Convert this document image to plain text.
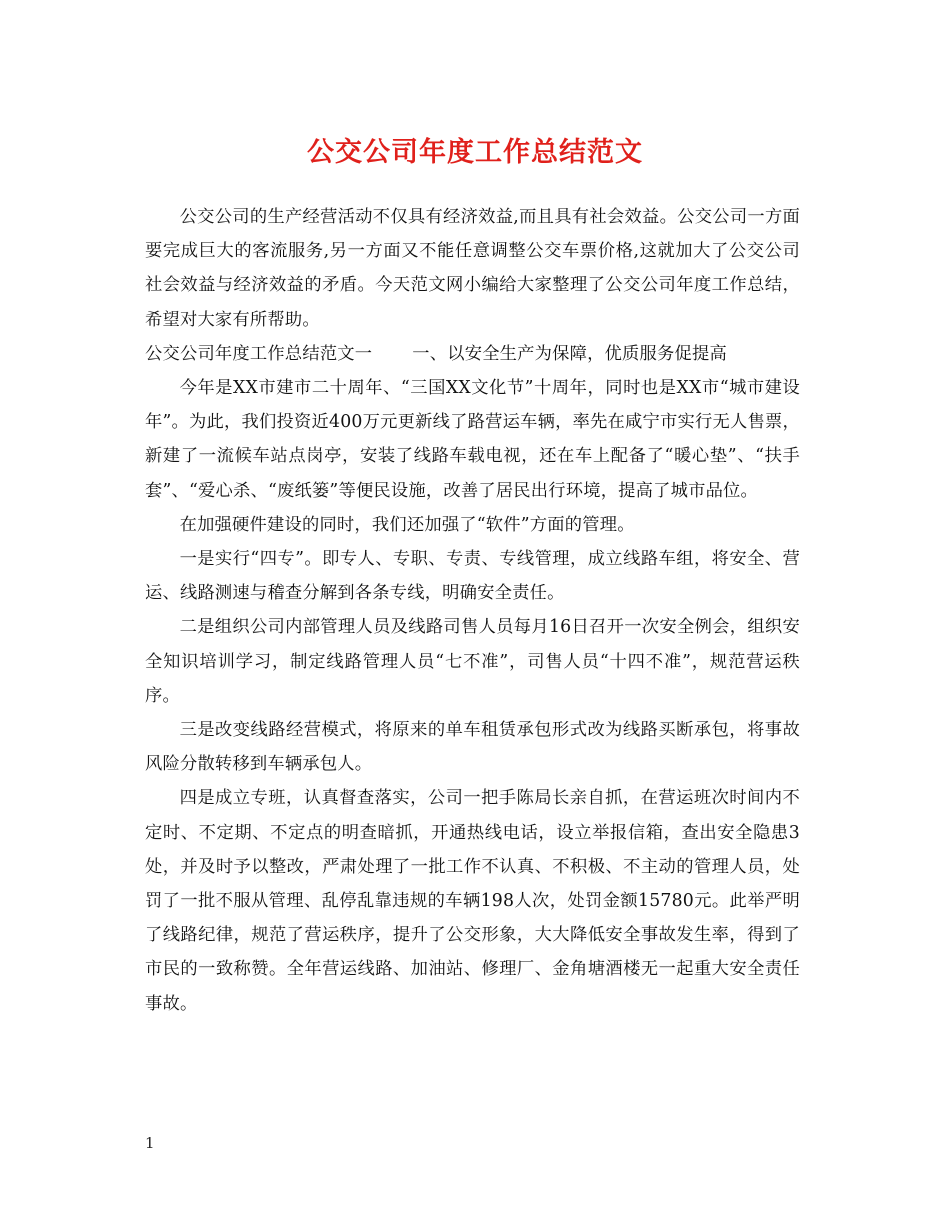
公交公司年度工作总结范文

公交公司的生产经营活动不仅具有经济效益,而且具有社会效益。公交公司一方面要完成巨大的客流服务,另一方面又不能任意调整公交车票价格,这就加大了公交公司社会效益与经济效益的矛盾。今天范文网小编给大家整理了公交公司年度工作总结，希望对大家有所帮助。

公交公司年度工作总结范文一 一、以安全生产为保障，优质服务促提高

今年是XX市建市二十周年、“三国XX文化节”十周年，同时也是XX市“城市建设年”。为此，我们投资近400万元更新线了路营运车辆，率先在咸宁市实行无人售票，新建了一流候车站点岗亭，安装了线路车载电视，还在车上配备了“暖心垫”、“扶手套”、“爱心杀、“废纸篓”等便民设施，改善了居民出行环境，提高了城市品位。

在加强硬件建设的同时，我们还加强了“软件”方面的管理。

一是实行“四专”。即专人、专职、专责、专线管理，成立线路车组，将安全、营运、线路测速与稽查分解到各条专线，明确安全责任。

二是组织公司内部管理人员及线路司售人员每月16日召开一次安全例会，组织安全知识培训学习，制定线路管理人员“七不准”，司售人员“十四不准”，规范营运秩序。

三是改变线路经营模式，将原来的单车租赁承包形式改为线路买断承包，将事故风险分散转移到车辆承包人。

四是成立专班，认真督查落实，公司一把手陈局长亲自抓，在营运班次时间内不定时、不定期、不定点的明查暗抓，开通热线电话，设立举报信箱，查出安全隐患3处，并及时予以整改，严肃处理了一批工作不认真、不积极、不主动的管理人员，处罚了一批不服从管理、乱停乱靠违规的车辆198人次，处罚金额15780元。此举严明了线路纪律，规范了营运秩序，提升了公交形象，大大降低安全事故发生率，得到了市民的一致称赞。全年营运线路、加油站、修理厂、金角塘酒楼无一起重大安全责任事故。

1
